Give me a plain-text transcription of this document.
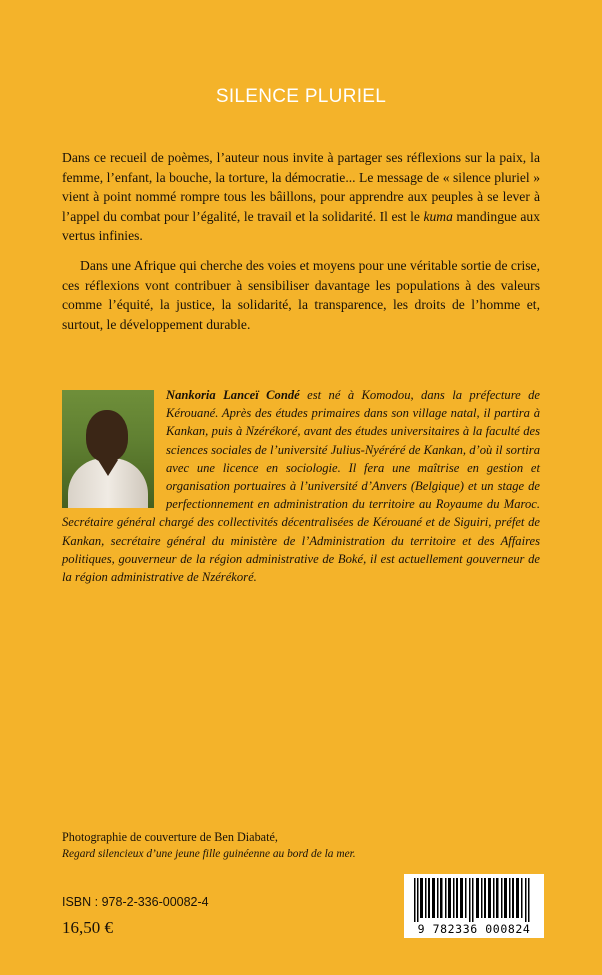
SILENCE PLURIEL

Dans ce recueil de poèmes, l’auteur nous invite à partager ses réflexions sur la paix, la femme, l’enfant, la bouche, la torture, la démocratie... Le message de « silence pluriel » vient à point nommé rompre tous les bâillons, pour apprendre aux peuples à se lever à l’appel du combat pour l’égalité, le travail et la solidarité. Il est le kuma mandingue aux vertus infinies.

Dans une Afrique qui cherche des voies et moyens pour une véritable sortie de crise, ces réflexions vont contribuer à sensibiliser davantage les populations à des valeurs comme l’équité, la justice, la solidarité, la transparence, les droits de l’homme et, surtout, le développement durable.

Nankoria Lanceï Condé est né à Komodou, dans la préfecture de Kérouané. Après des études primaires dans son village natal, il partira à Kankan, puis à Nzérékoré, avant des études universitaires à la faculté des sciences sociales de l’université Julius-Nyéréré de Kankan, d’où il sortira avec une licence en sociologie. Il fera une maîtrise en gestion et organisation portuaires à l’université d’Anvers (Belgique) et un stage de perfectionnement en administration du territoire au Royaume du Maroc. Secrétaire général chargé des collectivités décentralisées de Kérouané et de Siguiri, préfet de Kankan, secrétaire général du ministère de l’Administration du territoire et des Affaires politiques, gouverneur de la région administrative de Boké, il est actuellement gouverneur de la région administrative de Nzérékoré.
Photographie de couverture de Ben Diabaté,
Regard silencieux d’une jeune fille guinéenne au bord de la mer.
ISBN : 978-2-336-00082-4
16,50 €	9 782336 000824
